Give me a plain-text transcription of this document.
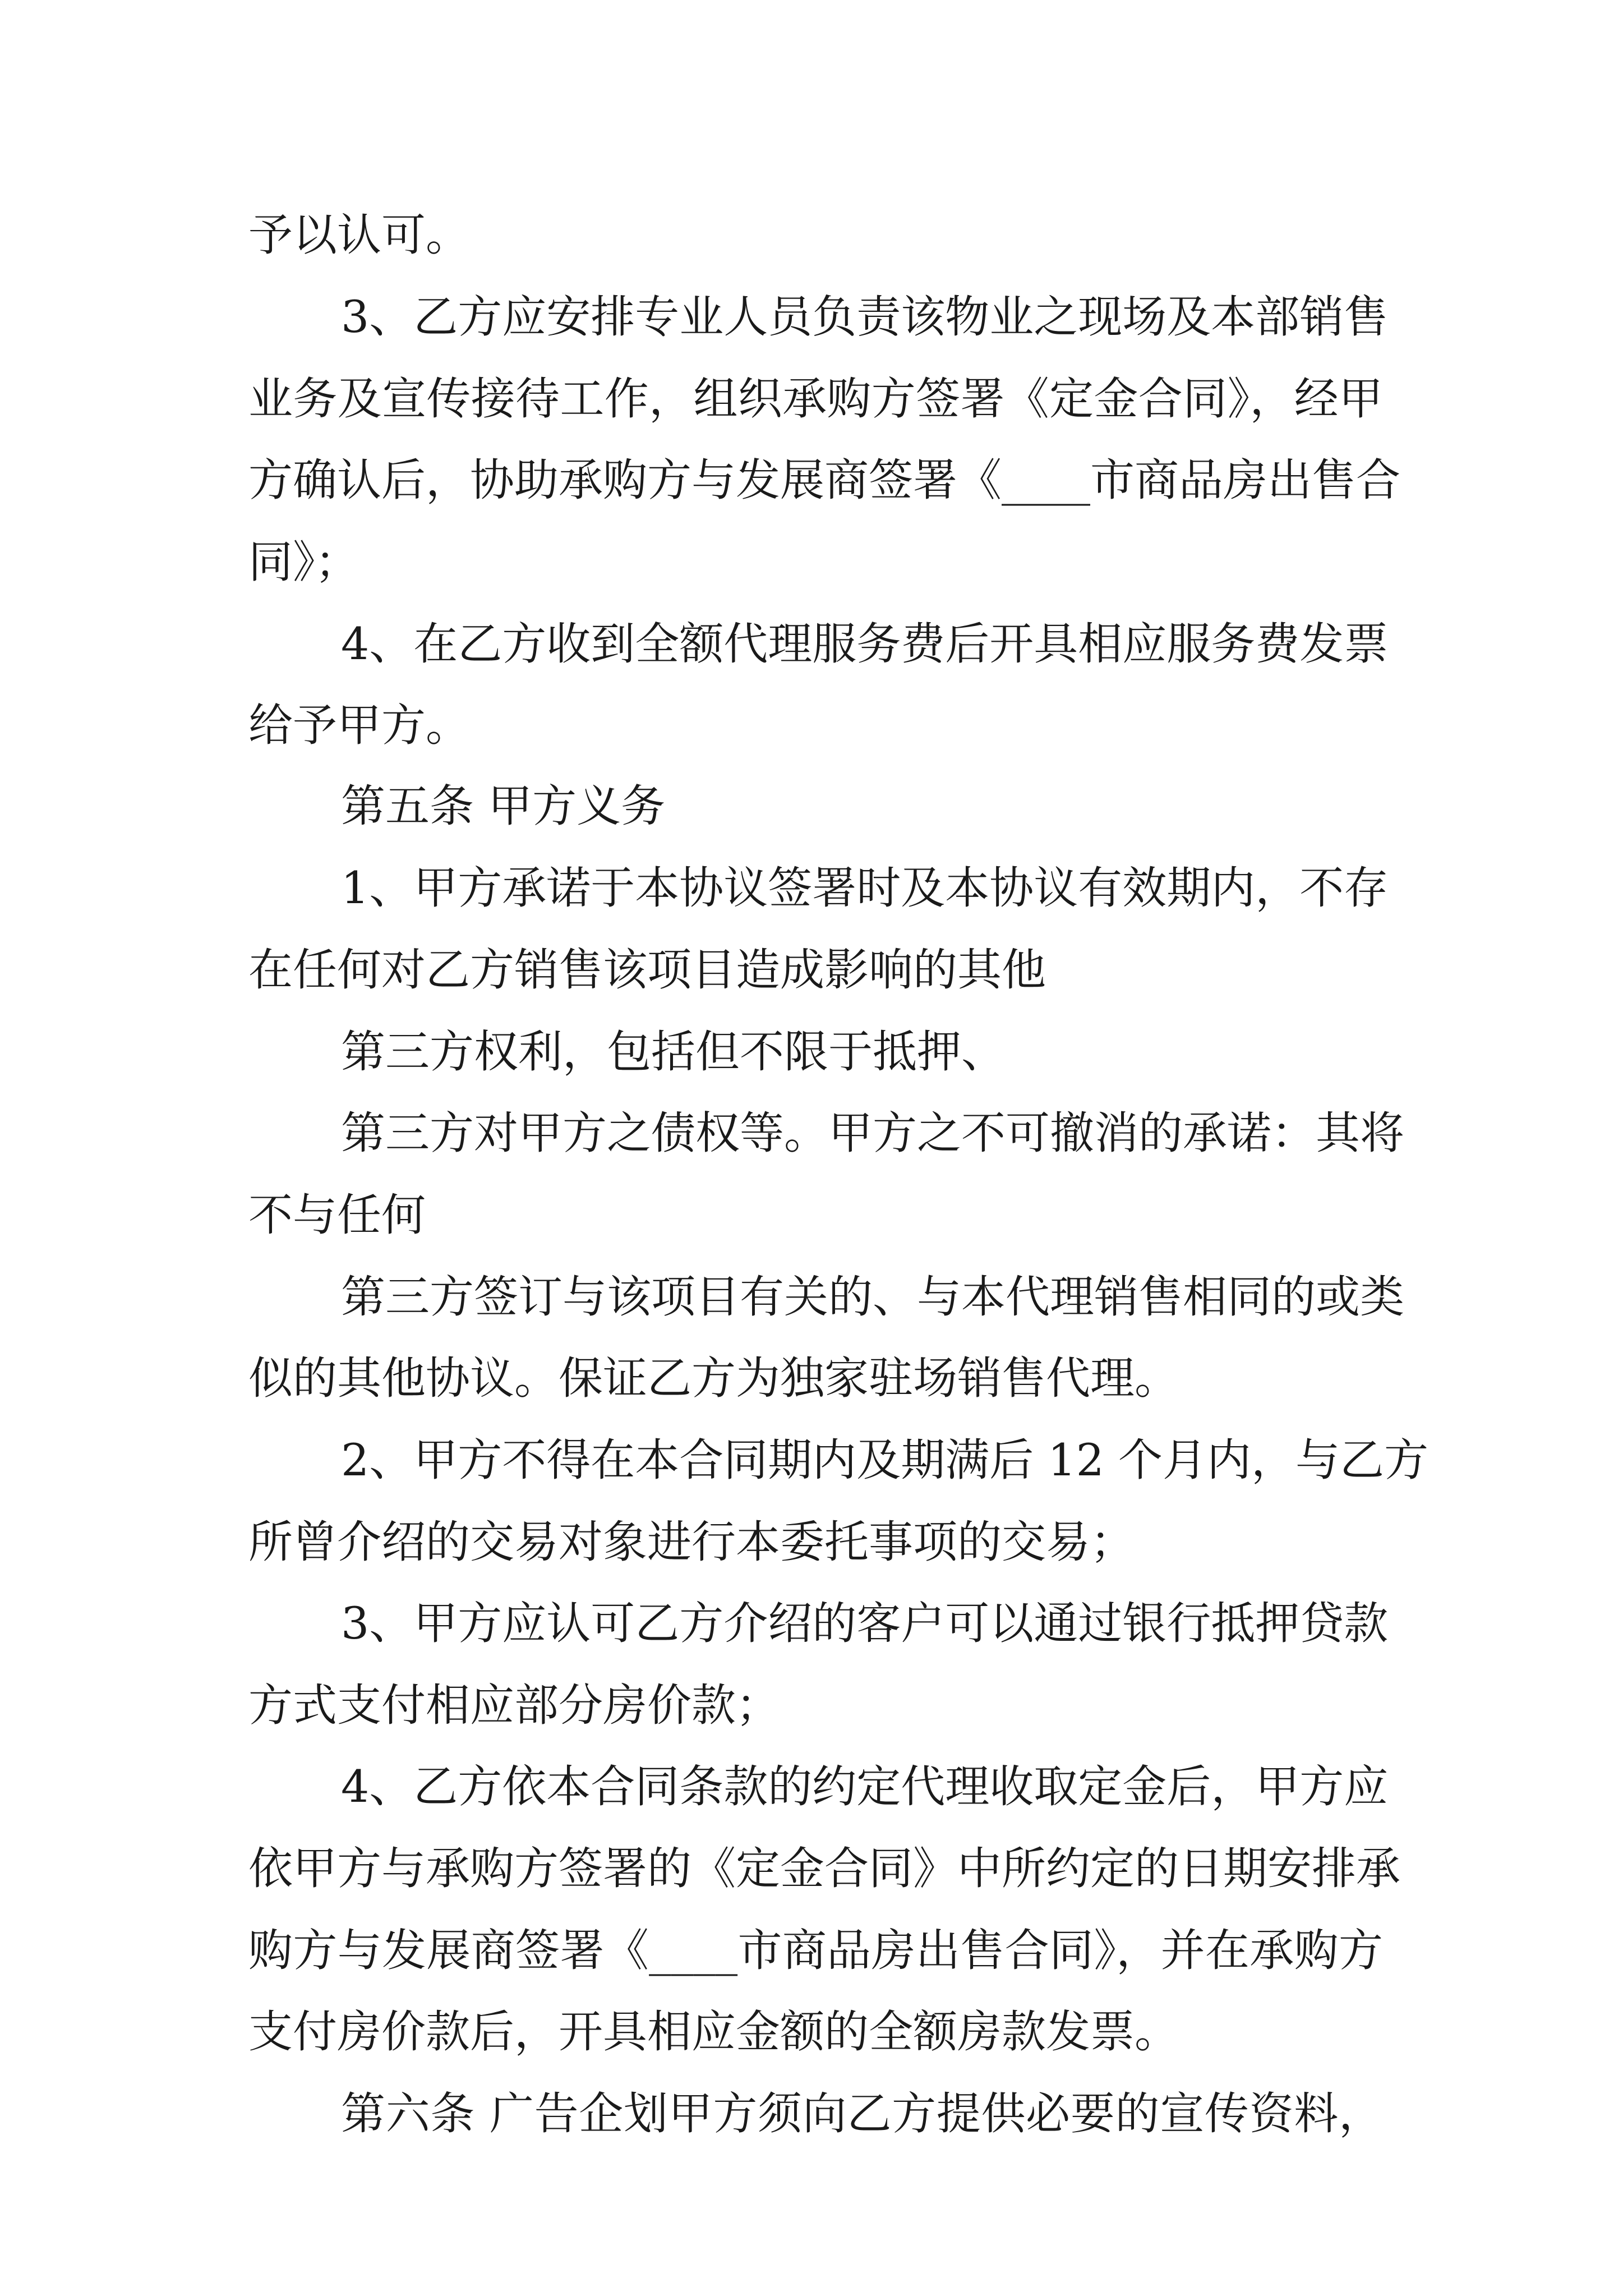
予以认可。

3、乙方应安排专业人员负责该物业之现场及本部销售

业务及宣传接待工作，组织承购方签署《定金合同》，经甲

方确认后，协助承购方与发展商签署《____市商品房出售合

同》；

4、在乙方收到全额代理服务费后开具相应服务费发票

给予甲方。

第五条 甲方义务

1、甲方承诺于本协议签署时及本协议有效期内，不存

在任何对乙方销售该项目造成影响的其他

第三方权利，包括但不限于抵押、

第三方对甲方之债权等。甲方之不可撤消的承诺：其将

不与任何

第三方签订与该项目有关的、与本代理销售相同的或类

似的其他协议。保证乙方为独家驻场销售代理。

2、甲方不得在本合同期内及期满后 12 个月内，与乙方

所曾介绍的交易对象进行本委托事项的交易；

3、甲方应认可乙方介绍的客户可以通过银行抵押贷款

方式支付相应部分房价款；

4、乙方依本合同条款的约定代理收取定金后，甲方应

依甲方与承购方签署的《定金合同》中所约定的日期安排承

购方与发展商签署《____市商品房出售合同》，并在承购方

支付房价款后，开具相应金额的全额房款发票。

第六条 广告企划甲方须向乙方提供必要的宣传资料，
